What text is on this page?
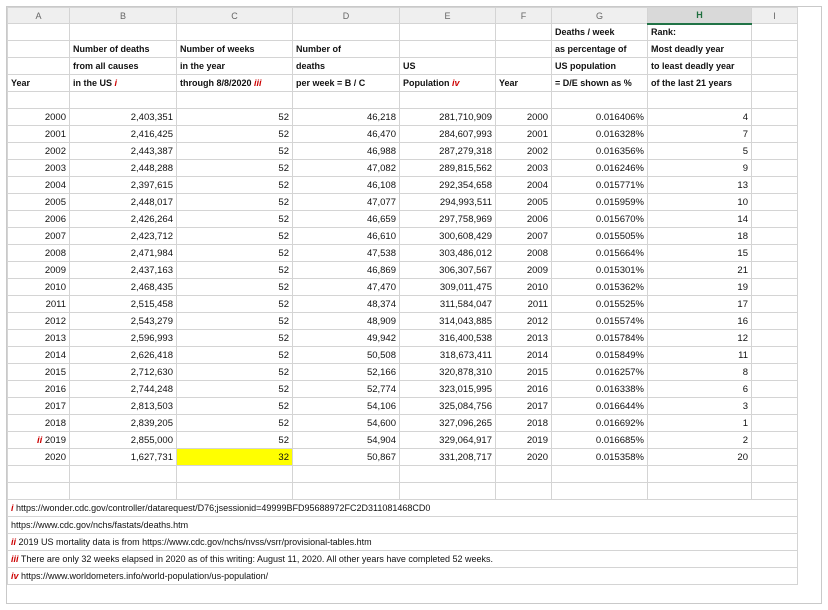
A	B	C	D	E	F	G	H	I
						Deaths / week	Rank:	
	Number of deaths	Number of weeks	Number of			as percentage of	Most deadly year	
	from all causes	in the year	deaths	US		US population	to least deadly year	
Year	in the US i	through 8/8/2020 iii	per week = B / C	Population iv	Year	= D/E shown as %	of the last 21 years	

2000	2,403,351	52	46,218	281,710,909	2000	0.016406%	4	
2001	2,416,425	52	46,470	284,607,993	2001	0.016328%	7	
2002	2,443,387	52	46,988	287,279,318	2002	0.016356%	5	
2003	2,448,288	52	47,082	289,815,562	2003	0.016246%	9	
2004	2,397,615	52	46,108	292,354,658	2004	0.015771%	13	
2005	2,448,017	52	47,077	294,993,511	2005	0.015959%	10	
2006	2,426,264	52	46,659	297,758,969	2006	0.015670%	14	
2007	2,423,712	52	46,610	300,608,429	2007	0.015505%	18	
2008	2,471,984	52	47,538	303,486,012	2008	0.015664%	15	
2009	2,437,163	52	46,869	306,307,567	2009	0.015301%	21	
2010	2,468,435	52	47,470	309,011,475	2010	0.015362%	19	
2011	2,515,458	52	48,374	311,584,047	2011	0.015525%	17	
2012	2,543,279	52	48,909	314,043,885	2012	0.015574%	16	
2013	2,596,993	52	49,942	316,400,538	2013	0.015784%	12	
2014	2,626,418	52	50,508	318,673,411	2014	0.015849%	11	
2015	2,712,630	52	52,166	320,878,310	2015	0.016257%	8	
2016	2,744,248	52	52,774	323,015,995	2016	0.016338%	6	
2017	2,813,503	52	54,106	325,084,756	2017	0.016644%	3	
2018	2,839,205	52	54,600	327,096,265	2018	0.016692%	1	
ii 2019	2,855,000	52	54,904	329,064,917	2019	0.016685%	2	
2020	1,627,731	32	50,867	331,208,717	2020	0.015358%	20	

i https://wonder.cdc.gov/controller/datarequest/D76;jsessionid=49999BFD95688972FC2D311081468CD0								
https://www.cdc.gov/nchs/fastats/deaths.htm								
ii 2019 US mortality data is from https://www.cdc.gov/nchs/nvss/vsrr/provisional-tables.htm								
iii There are only 32 weeks elapsed in 2020 as of this writing: August 11, 2020. All other years have completed 52 weeks.								
iv https://www.worldometers.info/world-population/us-population/								
